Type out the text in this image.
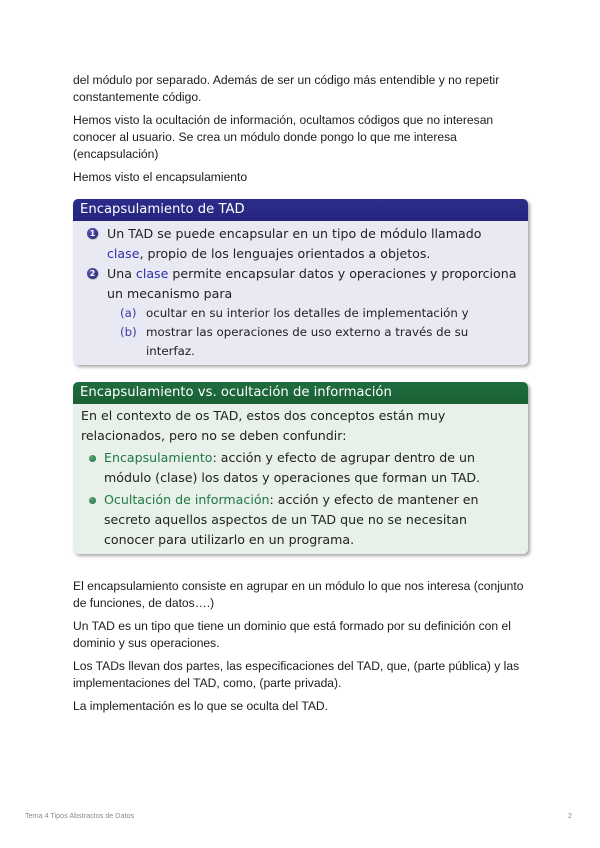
del módulo por separado. Además de ser un código más entendible y no repetir constantemente código.

Hemos visto la ocultación de información, ocultamos códigos que no interesan conocer al usuario. Se crea un módulo donde pongo lo que me interesa (encapsulación)

Hemos visto el encapsulamiento

Encapsulamiento de TAD
1 Un TAD se puede encapsular en un tipo de módulo llamado clase, propio de los lenguajes orientados a objetos.
2 Una clase permite encapsular datos y operaciones y proporciona un mecanismo para
(a) ocultar en su interior los detalles de implementación y
(b) mostrar las operaciones de uso externo a través de su interfaz.
Encapsulamiento vs. ocultación de información
En el contexto de os TAD, estos dos conceptos están muy relacionados, pero no se deben confundir:
Encapsulamiento: acción y efecto de agrupar dentro de un módulo (clase) los datos y operaciones que forman un TAD.
Ocultación de información: acción y efecto de mantener en secreto aquellos aspectos de un TAD que no se necesitan conocer para utilizarlo en un programa.

El encapsulamiento consiste en agrupar en un módulo lo que nos interesa (conjunto de funciones, de datos….)

Un TAD es un tipo que tiene un dominio que está formado por su definición con el dominio y sus operaciones.

Los TADs llevan dos partes, las especificaciones del TAD, que, (parte pública) y las implementaciones del TAD, como, (parte privada).

La implementación es lo que se oculta del TAD.

Tema 4 Tipos Abstractos de Datos	2
